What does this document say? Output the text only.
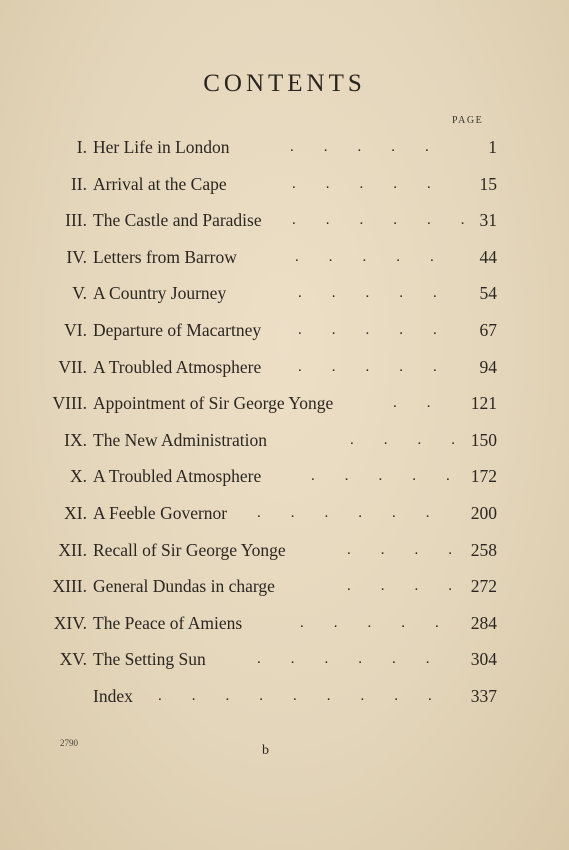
CONTENTS
PAGE
I. Her Life in London	.        .        .        .        .	1
II. Arrival at the Cape	.        .        .        .        .	15
III. The Castle and Paradise .        .        .        .        .        . 31
IV. Letters from Barrow	.        .        .        .        .	44
V. A Country Journey	.        .        .        .        . 54
VI. Departure of Macartney .        .        .        .        . 67
VII. A Troubled Atmosphere .        .        .        .        . 94
VIII. Appointment of Sir George Yonge	.        . 121
IX. The New Administration	.        .        .        . 150
X. A Troubled Atmosphere	.        .        .        .        . 172
XI. A Feeble Governor .        .        .        .        .        . 200
XII. Recall of Sir George Yonge	.        .        .        . 258
XIII. General Dundas in charge	.        .        .        . 272
XIV. The Peace of Amiens	.        .        .        .        . 284
XV. The Setting Sun	.        .        .        .        .        . 304
Index .        .        .        .        .        .        .        .        . 337
2790	b
